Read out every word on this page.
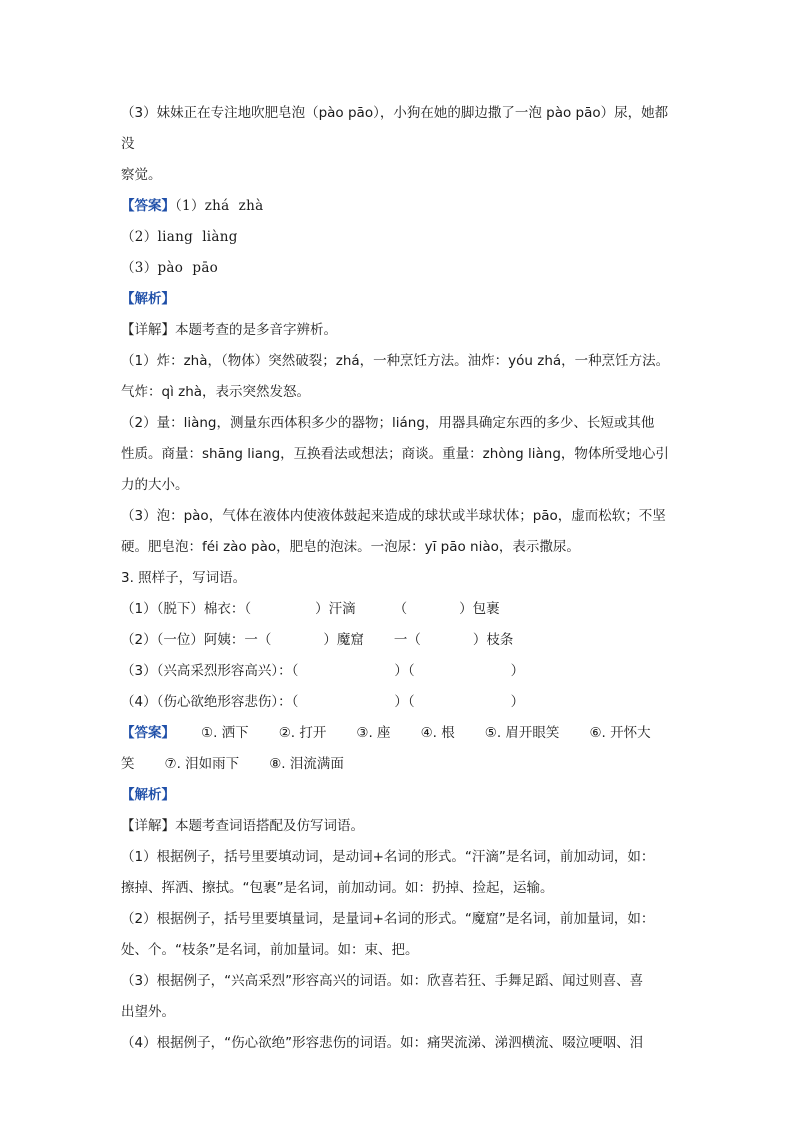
（3）妹妹正在专注地吹肥皂泡（pào pāo），小狗在她的脚边撒了一泡 pào pāo）尿，她都没

察觉。

【答案】（1）zhá  zhà

（2）liang  liàng

（3）pào  pāo

【解析】

【详解】本题考查的是多音字辨析。

（1）炸：zhà，（物体）突然破裂；zhá，一种烹饪方法。油炸：yóu zhá，一种烹饪方法。

气炸：qì zhà，表示突然发怒。

（2）量：liàng，测量东西体积多少的器物；liáng，用器具确定东西的多少、长短或其他

性质。商量：shāng liang，互换看法或想法；商谈。重量：zhòng liàng，物体所受地心引

力的大小。

（3）泡：pào，气体在液体内使液体鼓起来造成的球状或半球状体；pāo，虚而松软；不坚

硬。肥皂泡：féi zào pào，肥皂的泡沫。一泡尿：yī pāo niào，表示撒尿。

3. 照样子，写词语。

（1）（脱下）棉衣：（	）汗滴	（	）包裹

（2）（一位）阿姨：一（	）魔窟 一（	）枝条

（3）（兴高采烈形容高兴）：（	）（	）

（4）（伤心欲绝形容悲伤）：（	）（	）

【答案】 ①. 洒下 ②. 打开 ③. 座 ④. 根 ⑤. 眉开眼笑 ⑥. 开怀大

笑 ⑦. 泪如雨下 ⑧. 泪流满面

【解析】

【详解】本题考查词语搭配及仿写词语。

（1）根据例子，括号里要填动词，是动词+名词的形式。“汗滴”是名词，前加动词，如：

擦掉、挥洒、擦拭。“包裹”是名词，前加动词。如：扔掉、捡起，运输。

（2）根据例子，括号里要填量词，是量词+名词的形式。“魔窟”是名词，前加量词，如：

处、个。“枝条”是名词，前加量词。如：束、把。

（3）根据例子，“兴高采烈”形容高兴的词语。如：欣喜若狂、手舞足蹈、闻过则喜、喜

出望外。

（4）根据例子，“伤心欲绝”形容悲伤的词语。如：痛哭流涕、涕泗横流、啜泣哽咽、泪
